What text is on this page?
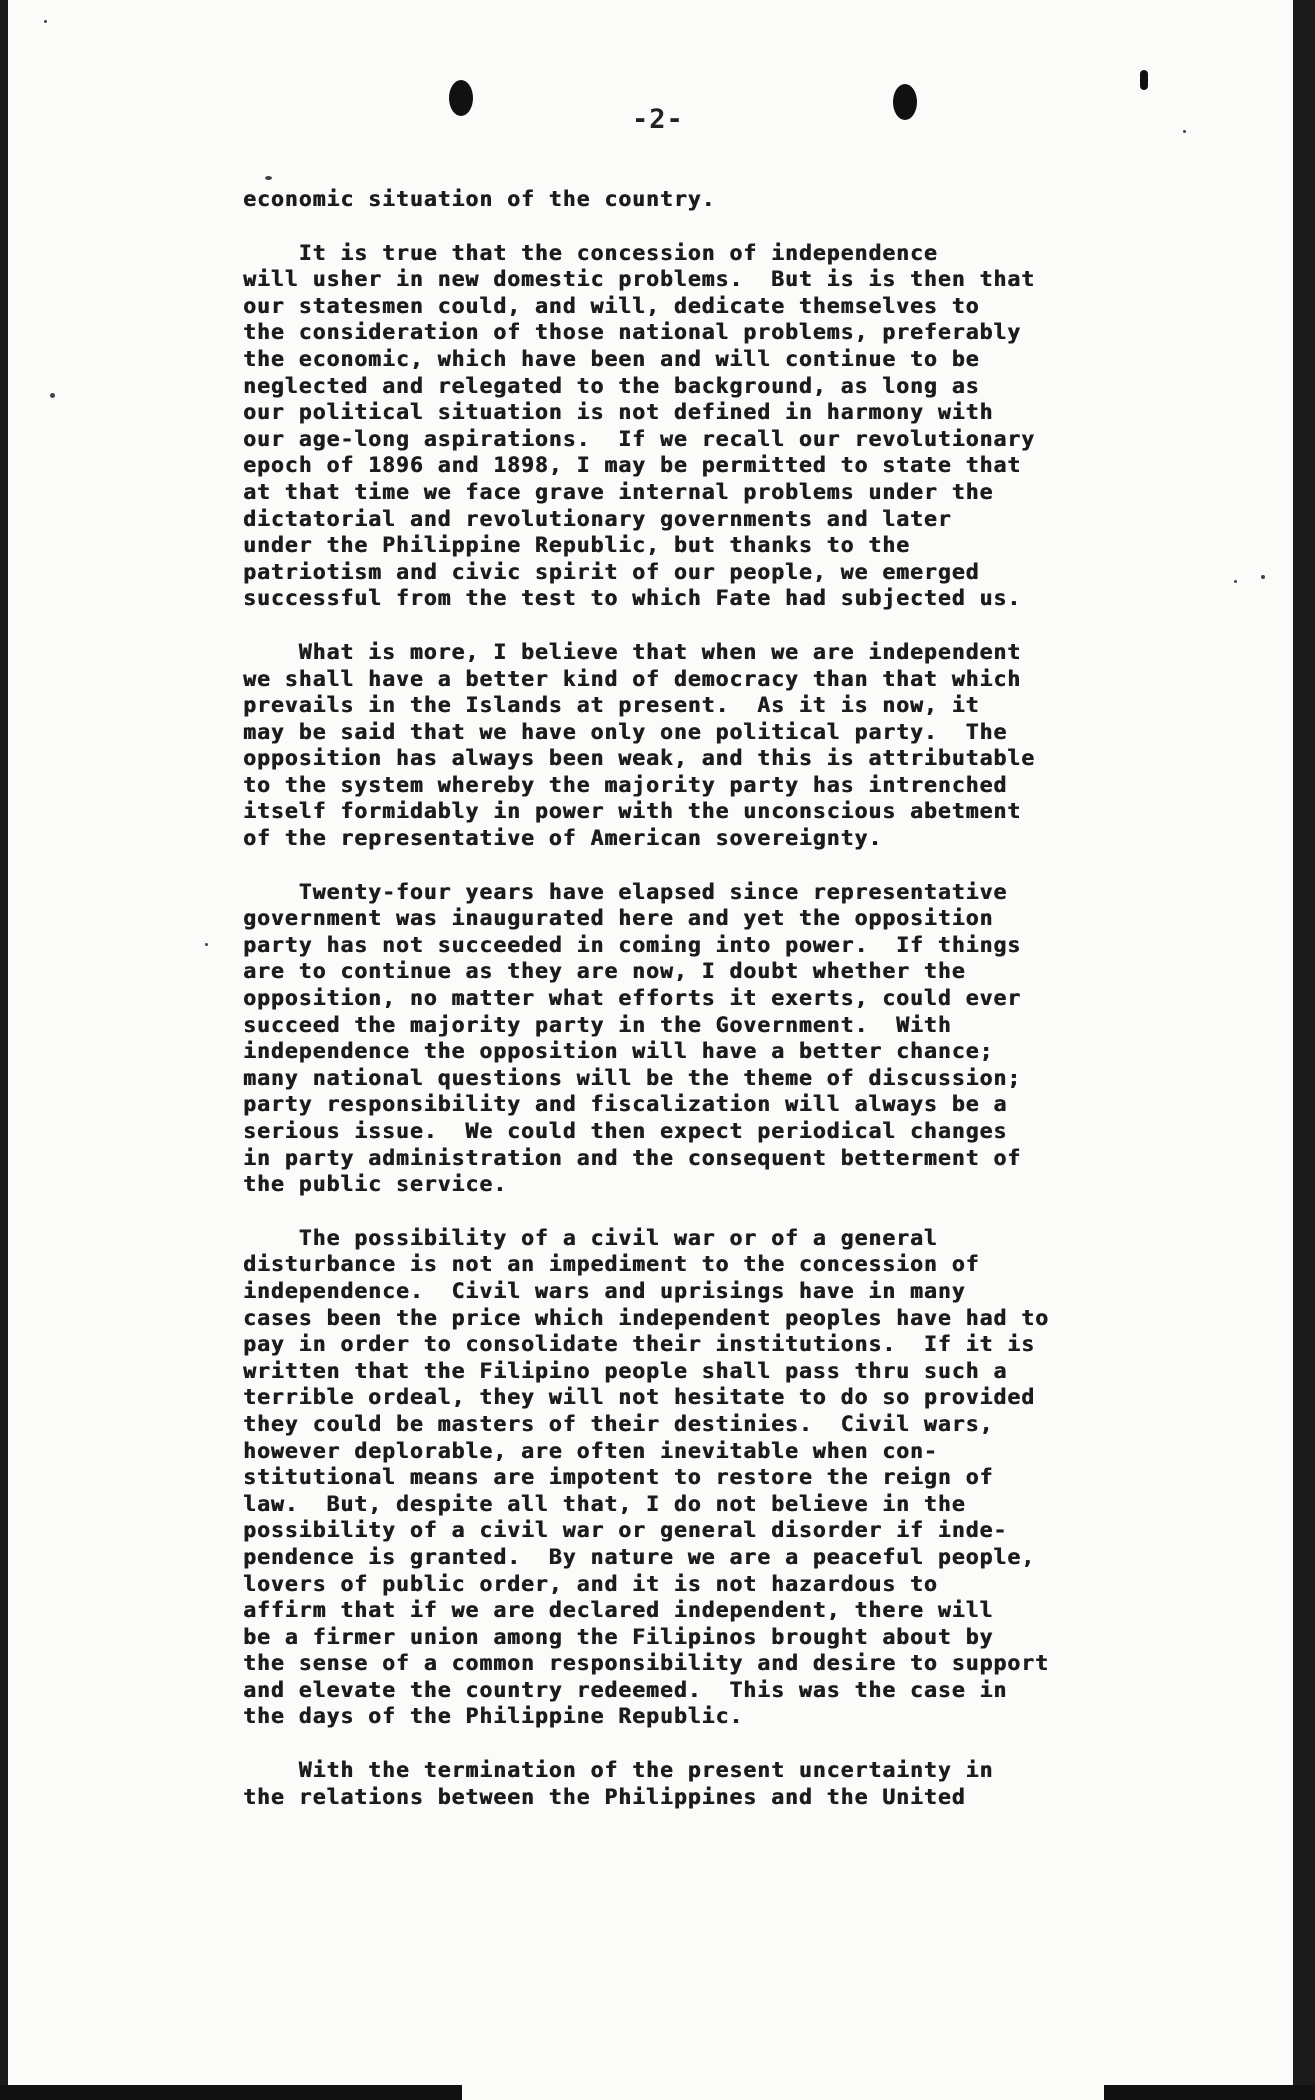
-2-
economic situation of the country.
It is true that the concession of independence
will usher in new domestic problems.  But is is then that
our statesmen could, and will, dedicate themselves to
the consideration of those national problems, preferably
the economic, which have been and will continue to be
neglected and relegated to the background, as long as
our political situation is not defined in harmony with
our age-long aspirations.  If we recall our revolutionary
epoch of 1896 and 1898, I may be permitted to state that
at that time we face grave internal problems under the
dictatorial and revolutionary governments and later
under the Philippine Republic, but thanks to the
patriotism and civic spirit of our people, we emerged
successful from the test to which Fate had subjected us.
What is more, I believe that when we are independent
we shall have a better kind of democracy than that which
prevails in the Islands at present.  As it is now, it
may be said that we have only one political party.  The
opposition has always been weak, and this is attributable
to the system whereby the majority party has intrenched
itself formidably in power with the unconscious abetment
of the representative of American sovereignty.
Twenty-four years have elapsed since representative
government was inaugurated here and yet the opposition
party has not succeeded in coming into power.  If things
are to continue as they are now, I doubt whether the
opposition, no matter what efforts it exerts, could ever
succeed the majority party in the Government.  With
independence the opposition will have a better chance;
many national questions will be the theme of discussion;
party responsibility and fiscalization will always be a
serious issue.  We could then expect periodical changes
in party administration and the consequent betterment of
the public service.
The possibility of a civil war or of a general
disturbance is not an impediment to the concession of
independence.  Civil wars and uprisings have in many
cases been the price which independent peoples have had to
pay in order to consolidate their institutions.  If it is
written that the Filipino people shall pass thru such a
terrible ordeal, they will not hesitate to do so provided
they could be masters of their destinies.  Civil wars,
however deplorable, are often inevitable when con-
stitutional means are impotent to restore the reign of
law.  But, despite all that, I do not believe in the
possibility of a civil war or general disorder if inde-
pendence is granted.  By nature we are a peaceful people,
lovers of public order, and it is not hazardous to
affirm that if we are declared independent, there will
be a firmer union among the Filipinos brought about by
the sense of a common responsibility and desire to support
and elevate the country redeemed.  This was the case in
the days of the Philippine Republic.
With the termination of the present uncertainty in
the relations between the Philippines and the United
